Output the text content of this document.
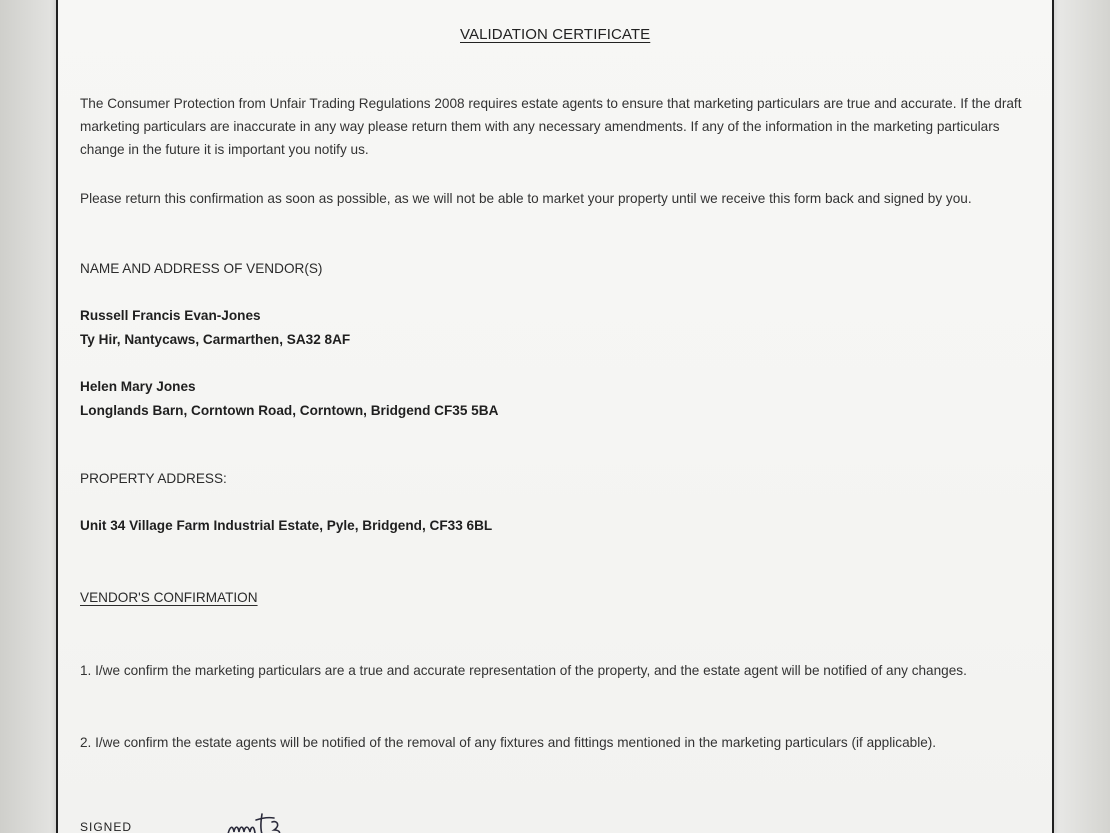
VALIDATION CERTIFICATE

The Consumer Protection from Unfair Trading Regulations 2008 requires estate agents to ensure that marketing particulars are true and accurate. If the draft marketing particulars are inaccurate in any way please return them with any necessary amendments. If any of the information in the marketing particulars change in the future it is important you notify us.

Please return this confirmation as soon as possible, as we will not be able to market your property until we receive this form back and signed by you.

NAME AND ADDRESS OF VENDOR(S)

Russell Francis Evan-Jones

Ty Hir, Nantycaws, Carmarthen, SA32 8AF

Helen Mary Jones

Longlands Barn, Corntown Road, Corntown, Bridgend CF35 5BA

PROPERTY ADDRESS:

Unit 34 Village Farm Industrial Estate, Pyle, Bridgend, CF33 6BL

VENDOR'S CONFIRMATION

1. I/we confirm the marketing particulars are a true and accurate representation of the property, and the estate agent will be notified of any changes.

2. I/we confirm the estate agents will be notified of the removal of any fixtures and fittings mentioned in the marketing particulars (if applicable).

SIGNED
